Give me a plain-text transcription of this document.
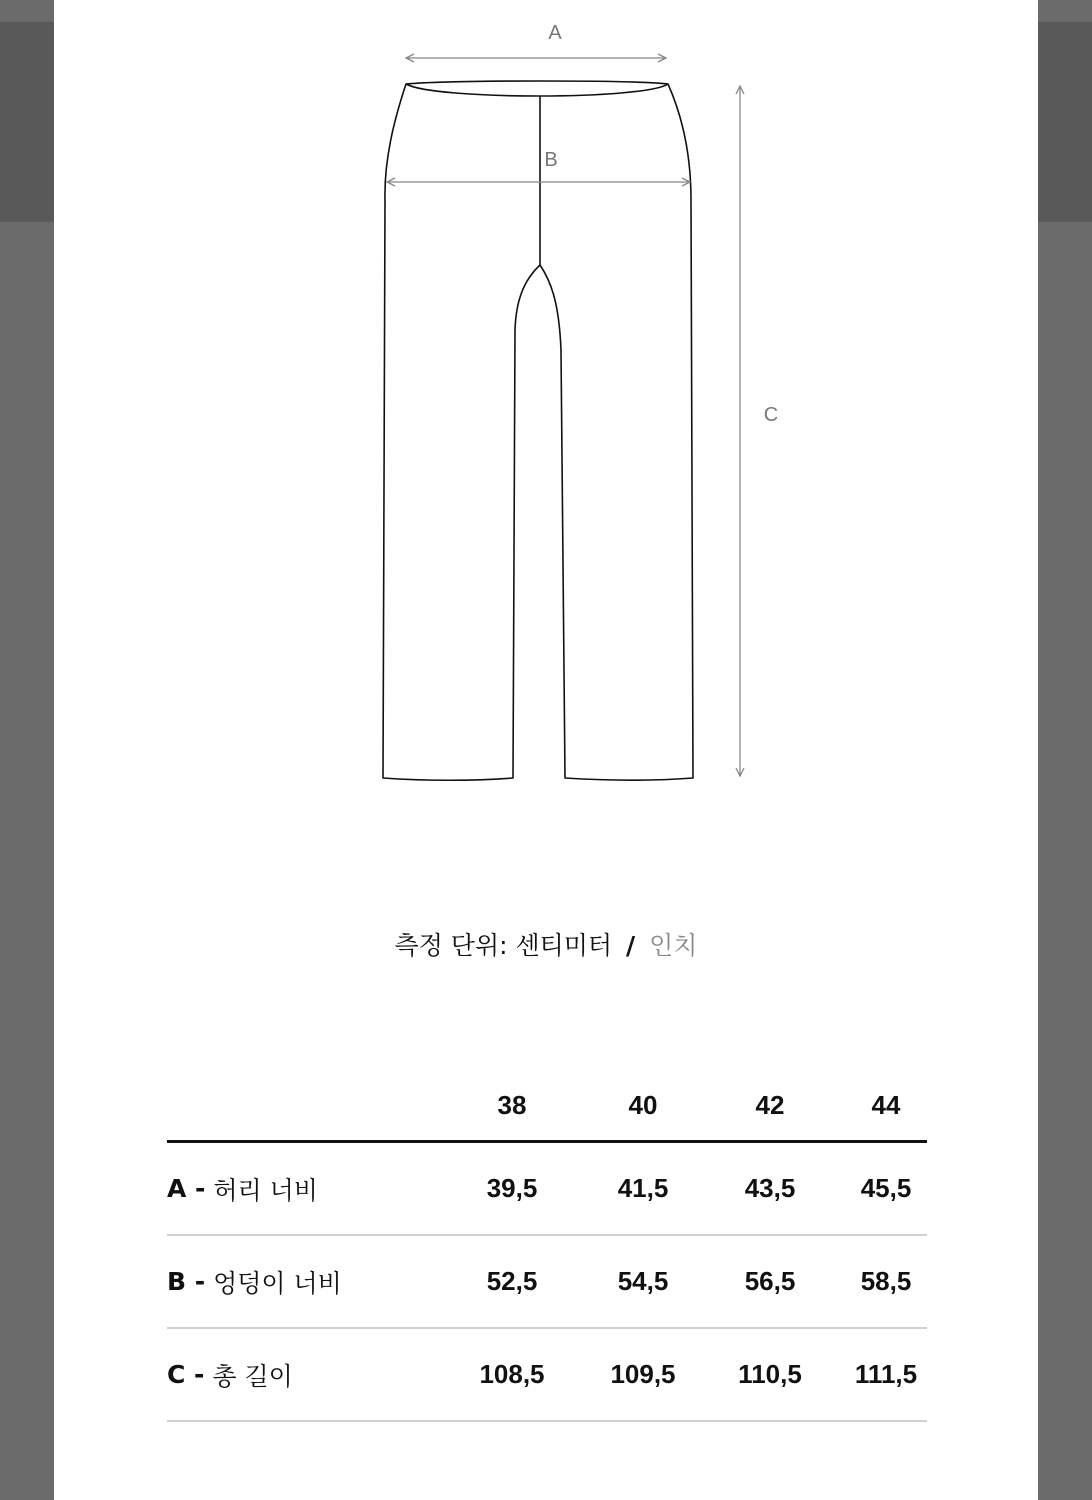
A
B
C
측정 단위: 센티미터 / 인치
38	40	42	44
A -
허리 너비	39,5	41,5	43,5	45,5
B -
엉덩이 너비	52,5	54,5	56,5	58,5
C -
총 길이	108,5	109,5	110,5	111,5
